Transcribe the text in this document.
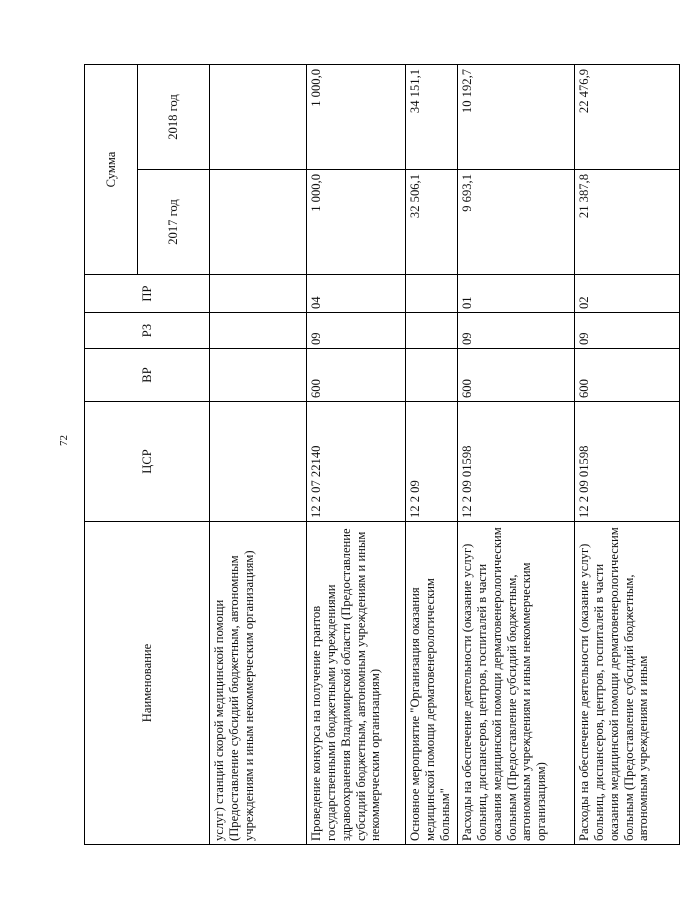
72
Наименование	ЦСР	ВР	РЗ	ПР	Сумма	
					2017 год	2018 год
услуг) станций скорой медицинской помощи (Предоставление субсидий бюджетным, автономным учреждениям и иным некоммерческим организациям)						
Проведение конкурса на получение грантов государственными бюджетными учреждениями здравоохранения Владимирской области (Предоставление субсидий бюджетным, автономным учреждениям и иным некоммерческим организациям)	12 2 07 22140	600	09	04	1 000,0	1 000,0
Основное мероприятие "Организация оказания медицинской помощи дерматовенерологическим больным"	12 2 09				32 506,1	34 151,1
Расходы на обеспечение деятельности (оказание услуг) больниц, диспансеров, центров, госпиталей в части оказания медицинской помощи дерматовенерологическим больным (Предоставление субсидий бюджетным, автономным учреждениям и иным некоммерческим организациям)	12 2 09 01598	600	09	01	9 693,1	10 192,7
Расходы на обеспечение деятельности (оказание услуг) больниц, диспансеров, центров, госпиталей в части оказания медицинской помощи дерматовенерологическим больным (Предоставление субсидий бюджетным, автономным учреждениям и иным	12 2 09 01598	600	09	02	21 387,8	22 476,9
